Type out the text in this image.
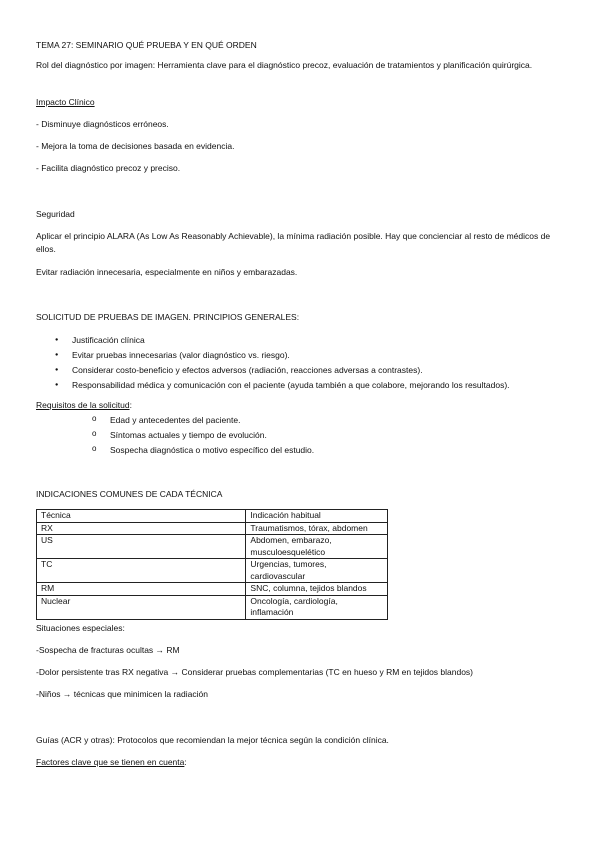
TEMA 27: SEMINARIO QUÉ PRUEBA Y EN QUÉ ORDEN
Rol del diagnóstico por imagen: Herramienta clave para el diagnóstico precoz, evaluación de tratamientos y planificación quirúrgica.
Impacto Clínico
- Disminuye diagnósticos erróneos.
- Mejora la toma de decisiones basada en evidencia.
- Facilita diagnóstico precoz y preciso.
Seguridad
Aplicar el principio ALARA (As Low As Reasonably Achievable), la mínima radiación posible. Hay que concienciar al resto de médicos de ellos.
Evitar radiación innecesaria, especialmente en niños y embarazadas.
SOLICITUD DE PRUEBAS DE IMAGEN. PRINCIPIOS GENERALES:
● Justificación clínica
● Evitar pruebas innecesarias (valor diagnóstico vs. riesgo).
● Considerar costo-beneficio y efectos adversos (radiación, reacciones adversas a contrastes).
● Responsabilidad médica y comunicación con el paciente (ayuda también a que colabore, mejorando los resultados).
Requisitos de la solicitud:
o Edad y antecedentes del paciente.
o Síntomas actuales y tiempo de evolución.
o Sospecha diagnóstica o motivo específico del estudio.
INDICACIONES COMUNES DE CADA TÉCNICA
Técnica	Indicación habitual
RX	Traumatismos, tórax, abdomen
US	Abdomen, embarazo, musculoesquelético
TC	Urgencias, tumores, cardiovascular
RM	SNC, columna, tejidos blandos
Nuclear	Oncología, cardiología, inflamación
Situaciones especiales:
-Sospecha de fracturas ocultas → RM
-Dolor persistente tras RX negativa → Considerar pruebas complementarias (TC en hueso y RM en tejidos blandos)
-Niños → técnicas que minimicen la radiación
Guías (ACR y otras): Protocolos que recomiendan la mejor técnica según la condición clínica.
Factores clave que se tienen en cuenta:
